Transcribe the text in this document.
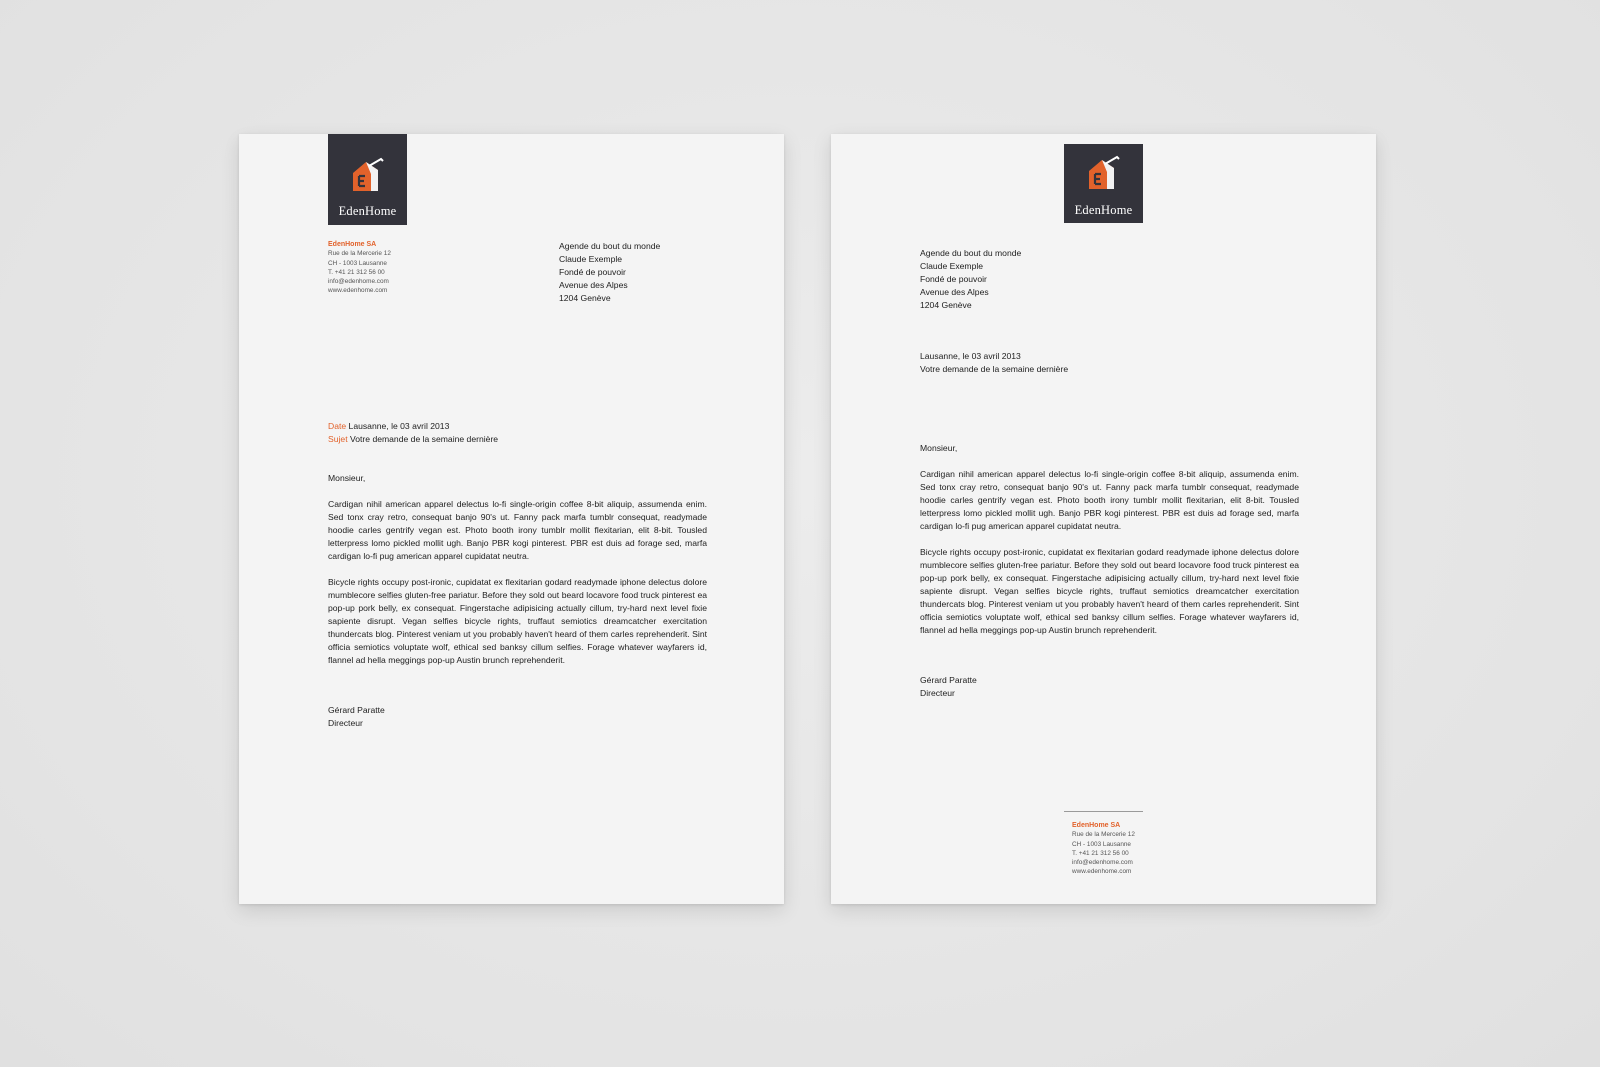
EdenHome
EdenHome SA
Rue de la Mercerie 12
CH - 1003 Lausanne
T. +41 21 312 56 00
info@edenhome.com
www.edenhome.com
Agende du bout du monde
Claude Exemple
Fondé de pouvoir
Avenue des Alpes
1204 Genève
Date Lausanne, le 03 avril 2013
Sujet Votre demande de la semaine dernière

Monsieur,

Cardigan nihil american apparel delectus lo-fi single-origin coffee 8-bit aliquip, assumenda enim. Sed tonx cray retro, consequat banjo 90's ut. Fanny pack marfa tumblr consequat, readymade hoodie carles gentrify vegan est. Photo booth irony tumblr mollit flexitarian, elit 8-bit. Tousled letterpress lomo pickled mollit ugh. Banjo PBR kogi pinterest. PBR est duis ad forage sed, marfa cardigan lo-fi pug american apparel cupidatat neutra.

Bicycle rights occupy post-ironic, cupidatat ex flexitarian godard readymade iphone delectus dolore mumblecore selfies gluten-free pariatur. Before they sold out beard locavore food truck pinterest ea pop-up pork belly, ex consequat. Fingerstache adipisicing actually cillum, try-hard next level fixie sapiente disrupt. Vegan selfies bicycle rights, truffaut semiotics dreamcatcher exercitation thundercats blog. Pinterest veniam ut you probably haven't heard of them carles reprehenderit. Sint officia semiotics voluptate wolf, ethical sed banksy cillum selfies. Forage whatever wayfarers id, flannel ad hella meggings pop-up Austin brunch reprehenderit.

Gérard Paratte
Directeur
EdenHome
Agende du bout du monde
Claude Exemple
Fondé de pouvoir
Avenue des Alpes
1204 Genève
Lausanne, le 03 avril 2013
Votre demande de la semaine dernière

Monsieur,

Cardigan nihil american apparel delectus lo-fi single-origin coffee 8-bit aliquip, assumenda enim. Sed tonx cray retro, consequat banjo 90's ut. Fanny pack marfa tumblr consequat, readymade hoodie carles gentrify vegan est. Photo booth irony tumblr mollit flexitarian, elit 8-bit. Tousled letterpress lomo pickled mollit ugh. Banjo PBR kogi pinterest. PBR est duis ad forage sed, marfa cardigan lo-fi pug american apparel cupidatat neutra.

Bicycle rights occupy post-ironic, cupidatat ex flexitarian godard readymade iphone delectus dolore mumblecore selfies gluten-free pariatur. Before they sold out beard locavore food truck pinterest ea pop-up pork belly, ex consequat. Fingerstache adipisicing actually cillum, try-hard next level fixie sapiente disrupt. Vegan selfies bicycle rights, truffaut semiotics dreamcatcher exercitation thundercats blog. Pinterest veniam ut you probably haven't heard of them carles reprehenderit. Sint officia semiotics voluptate wolf, ethical sed banksy cillum selfies. Forage whatever wayfarers id, flannel ad hella meggings pop-up Austin brunch reprehenderit.

Gérard Paratte
Directeur
EdenHome SA
Rue de la Mercerie 12
CH - 1003 Lausanne
T. +41 21 312 56 00
info@edenhome.com
www.edenhome.com
